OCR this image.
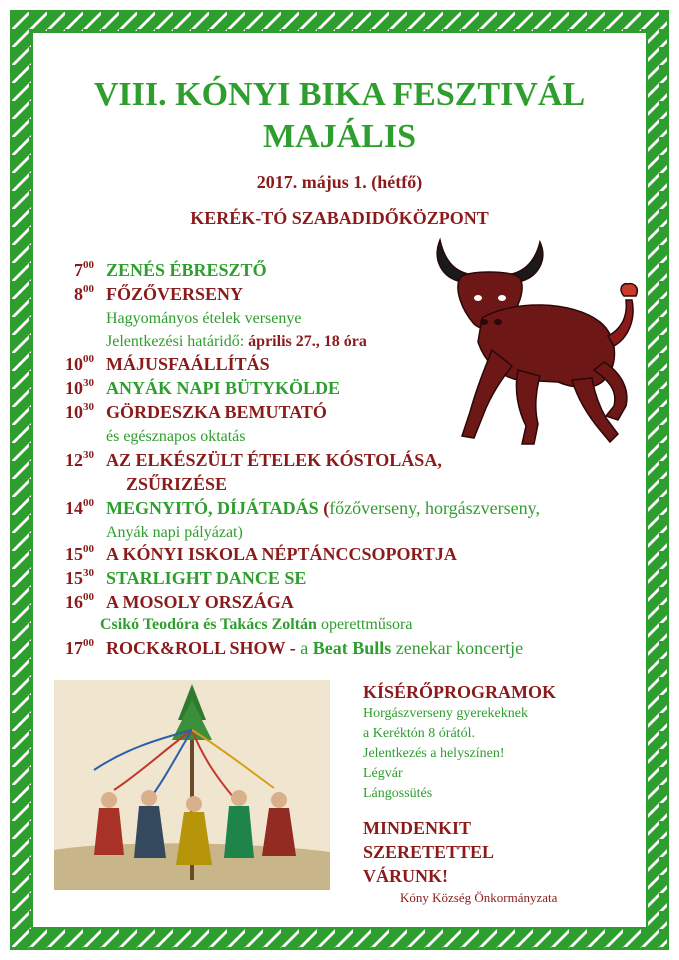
VIII. KÓNYI BIKA FESZTIVÁL
MAJÁLIS
2017. május 1. (hétfő)
KERÉK-TÓ SZABADIDŐKÖZPONT
$7^{00}$ ZENÉS ÉBRESZTŐ
$8^{00}$ FŐZŐVERSENY
Hagyományos ételek versenye
Jelentkezési határidő: április 27., 18 óra
$10^{00}$ MÁJUSFAÁLLÍTÁS
$10^{30}$ ANYÁK NAPI BÜTYKÖLDE
$10^{30}$ GÖRDESZKA BEMUTATÓ
és egésznapos oktatás
$12^{30}$ AZ ELKÉSZÜLT ÉTELEK KÓSTOLÁSA,
ZSŰRIZÉSE
$14^{00}$ MEGNYITÓ, DÍJÁTADÁS (főzőverseny, horgászverseny,
Anyák napi pályázat)
$15^{00}$ A KÓNYI ISKOLA NÉPTÁNCCSOPORTJA
$15^{30}$ STARLIGHT DANCE SE
$16^{00}$ A MOSOLY ORSZÁGA
Csikó Teodóra és Takács Zoltán operettműsora
$17^{00}$ ROCK&ROLL SHOW - a Beat Bulls zenekar koncertje
KÍSÉRŐPROGRAMOK
Horgászverseny gyerekeknek
a Keréktón 8 órától.
Jelentkezés a helyszínen!
Légvár
Lángossütés
MINDENKIT
SZERETETTEL
VÁRUNK!
Kóny Község Önkormányzata
